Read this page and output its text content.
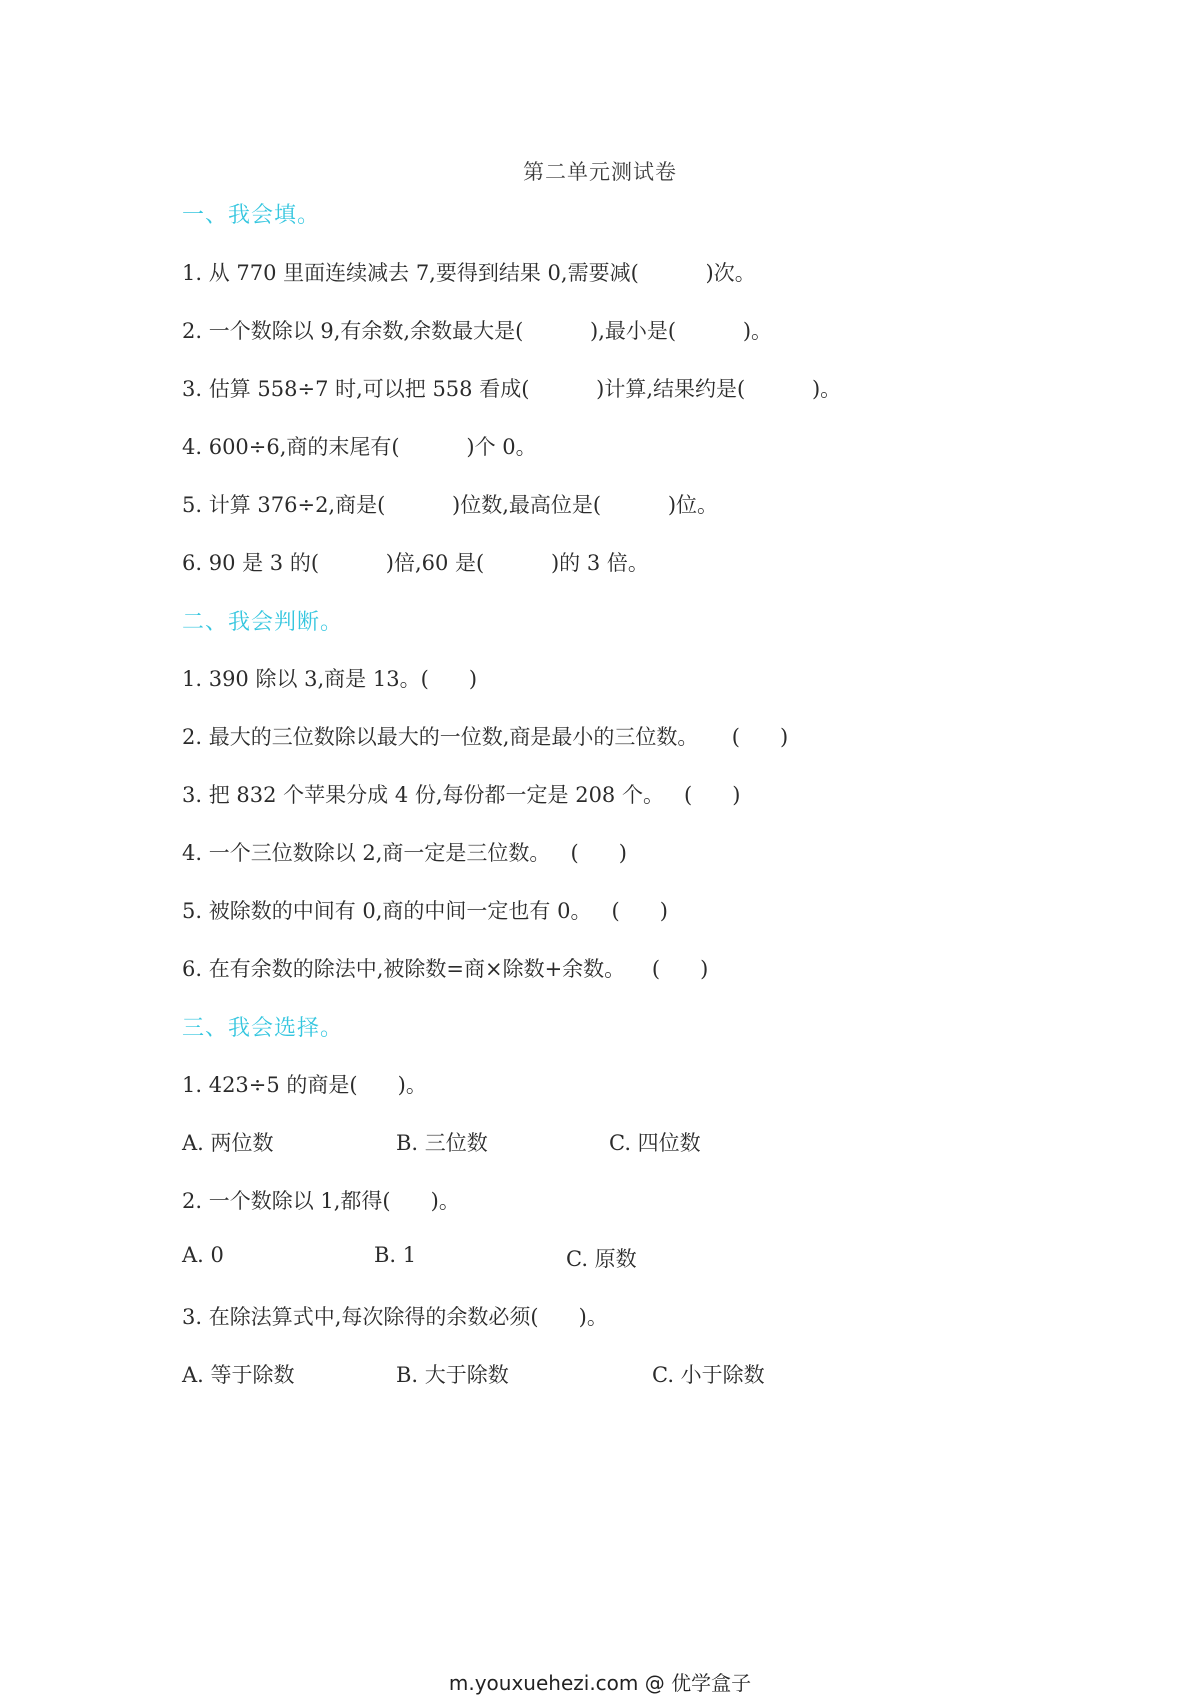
第二单元测试卷
一、我会填。
1. 从 770 里面连续减去 7,要得到结果 0,需要减(          )次。
2. 一个数除以 9,有余数,余数最大是(          ),最小是(          )。
3. 估算 558÷7 时,可以把 558 看成(          )计算,结果约是(          )。
4. 600÷6,商的末尾有(          )个 0。
5. 计算 376÷2,商是(          )位数,最高位是(          )位。
6. 90 是 3 的(          )倍,60 是(          )的 3 倍。
二、我会判断。
1. 390 除以 3,商是 13。(      )
2. 最大的三位数除以最大的一位数,商是最小的三位数。     (      )
3. 把 832 个苹果分成 4 份,每份都一定是 208 个。   (      )
4. 一个三位数除以 2,商一定是三位数。   (      )
5. 被除数的中间有 0,商的中间一定也有 0。   (      )
6. 在有余数的除法中,被除数=商×除数+余数。    (      )
三、我会选择。
1. 423÷5 的商是(      )。
A. 两位数	B. 三位数	C. 四位数
2. 一个数除以 1,都得(      )。
A. 0	B. 1	C. 原数
3. 在除法算式中,每次除得的余数必须(      )。
A. 等于除数	B. 大于除数	C. 小于除数
m.youxuehezi.com @ 优学盒子
